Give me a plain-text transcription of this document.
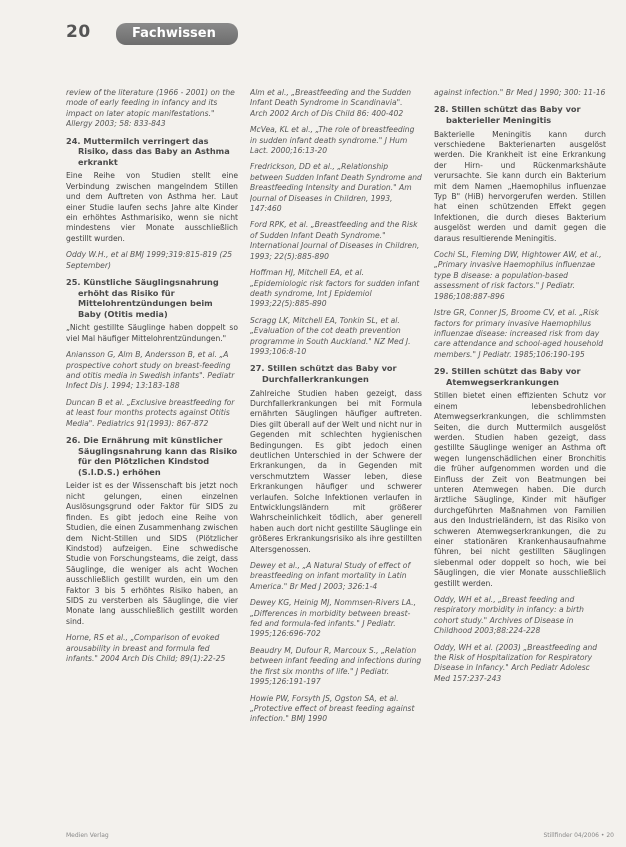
20	Fachwissen

review of the literature (1966 - 2001) on the mode of early feeding in infancy and its impact on later atopic manifestations." Allergy 2003; 58: 833-843

24. Muttermilch verringert das Risiko, dass das Baby an Asthma erkrankt

Eine Reihe von Studien stellt eine Verbindung zwischen mangelndem Stillen und dem Auftreten von Asthma her. Laut einer Studie laufen sechs Jahre alte Kinder ein erhöhtes Asthmarisiko, wenn sie nicht mindestens vier Monate ausschließlich gestillt wurden.

Oddy W.H., et al BMJ 1999;319:815-819 (25 September)

25. Künstliche Säuglingsnahrung erhöht das Risiko für Mittelohrentzündungen beim Baby (Otitis media)

„Nicht gestillte Säuglinge haben doppelt so viel Mal häufiger Mittelohrentzündungen."

Aniansson G, Alm B, Andersson B, et al. „A prospective cohort study on breast-feeding and otitis media in Swedish infants". Pediatr Infect Dis J. 1994; 13:183-188

Duncan B et al. „Exclusive breastfeeding for at least four months protects against Otitis Media". Pediatrics 91(1993): 867-872

26. Die Ernährung mit künstlicher Säuglingsnahrung kann das Risiko für den Plötzlichen Kindstod (S.I.D.S.) erhöhen

Leider ist es der Wissenschaft bis jetzt noch nicht gelungen, einen einzelnen Auslösungsgrund oder Faktor für SIDS zu finden. Es gibt jedoch eine Reihe von Studien, die einen Zusammenhang zwischen dem Nicht-Stillen und SIDS (Plötzlicher Kindstod) aufzeigen. Eine schwedische Studie von Forschungsteams, die zeigt, dass Säuglinge, die weniger als acht Wochen ausschließlich gestillt wurden, ein um den Faktor 3 bis 5 erhöhtes Risiko haben, an SIDS zu versterben als Säuglinge, die vier Monate lang ausschließlich gestillt worden sind.

Horne, RS et al., „Comparison of evoked arousability in breast and formula fed infants." 2004 Arch Dis Child; 89(1):22-25

Alm et al., „Breastfeeding and the Sudden Infant Death Syndrome in Scandinavia". Arch 2002 Arch of Dis Child 86: 400-402

McVea, KL et al., „The role of breastfeeding in sudden infant death syndrome." J Hum Lact. 2000;16:13-20

Fredrickson, DD et al., „Relationship between Sudden Infant Death Syndrome and Breastfeeding Intensity and Duration." Am Journal of Diseases in Children, 1993, 147:460

Ford RPK, et al. „Breastfeeding and the Risk of Sudden Infant Death Syndrome." International Journal of Diseases in Children, 1993; 22(5):885-890

Hoffman HJ, Mitchell EA, et al. „Epidemiologic risk factors for sudden infant death syndrome, Int J Epidemiol 1993;22(5):885-890

Scragg LK, Mitchell EA, Tonkin SL, et al. „Evaluation of the cot death prevention programme in South Auckland." NZ Med J. 1993;106:8-10

27. Stillen schützt das Baby vor Durchfallerkrankungen

Zahlreiche Studien haben gezeigt, dass Durchfallerkrankungen bei mit Formula ernährten Säuglingen häufiger auftreten. Dies gilt überall auf der Welt und nicht nur in Gegenden mit schlechten hygienischen Bedingungen. Es gibt jedoch einen deutlichen Unterschied in der Schwere der Erkrankungen, da in Gegenden mit verschmutztem Wasser leben, diese Erkrankungen häufiger und schwerer verlaufen. Solche Infektionen verlaufen in Entwicklungsländern mit größerer Wahrscheinlichkeit tödlich, aber generell haben auch dort nicht gestillte Säuglinge ein größeres Erkrankungsrisiko als ihre gestillten Altersgenossen.

Dewey et al., „A Natural Study of effect of breastfeeding on infant mortality in Latin America." Br Med J 2003; 326:1-4

Dewey KG, Heinig MJ, Nommsen-Rivers LA., „Differences in morbidity between breast-fed and formula-fed infants." J Pediatr. 1995;126:696-702

Beaudry M, Dufour R, Marcoux S., „Relation between infant feeding and infections during the first six months of life." J Pediatr. 1995;126:191-197

Howie PW, Forsyth JS, Ogston SA, et al. „Protective effect of breast feeding against infection." BMJ 1990

against infection." Br Med J 1990; 300: 11-16

28. Stillen schützt das Baby vor bakterieller Meningitis

Bakterielle Meningitis kann durch verschiedene Bakterienarten ausgelöst werden. Die Krankheit ist eine Erkrankung der Hirn- und Rückenmarkshäute verursachte. Sie kann durch ein Bakterium mit dem Namen „Haemophilus influenzae Typ B" (HiB) hervorgerufen werden. Stillen hat einen schützenden Effekt gegen Infektionen, die durch dieses Bakterium ausgelöst werden und damit gegen die daraus resultierende Meningitis.

Cochi SL, Fleming DW, Hightower AW, et al., „Primary invasive Haemophilus influenzae type B disease: a population-based assessment of risk factors." J Pediatr. 1986;108:887-896

Istre GR, Conner JS, Broome CV, et al. „Risk factors for primary invasive Haemophilus influenzae disease: increased risk from day care attendance and school-aged household members." J Pediatr. 1985;106:190-195

29. Stillen schützt das Baby vor Atemwegserkrankungen

Stillen bietet einen effizienten Schutz vor einem lebensbedrohlichen Atemwegserkrankungen, die schlimmsten Seiten, die durch Muttermilch ausgelöst werden. Studien haben gezeigt, dass gestillte Säuglinge weniger an Asthma oft wegen lungenschädlichen einer Bronchitis die früher aufgenommen worden und die Einfluss der Zeit von Beatmungen bei unteren Atemwegen haben. Die durch ärztliche Säuglinge, Kinder mit häufiger durchgeführten Maßnahmen von Familien aus den Industrieländern, ist das Risiko von schweren Atemwegserkrankungen, die zu einer stationären Krankenhausaufnahme führen, bei nicht gestillten Säuglingen siebenmal oder doppelt so hoch, wie bei Säuglingen, die vier Monate ausschließlich gestillt werden.

Oddy, WH et al., „Breast feeding and respiratory morbidity in infancy: a birth cohort study." Archives of Disease in Childhood 2003;88:224-228

Oddy, WH et al. (2003) „Breastfeeding and the Risk of Hospitalization for Respiratory Disease in Infancy." Arch Pediatr Adolesc Med 157:237-243

Medien Verlag	Stillfinder 04/2006 • 20
